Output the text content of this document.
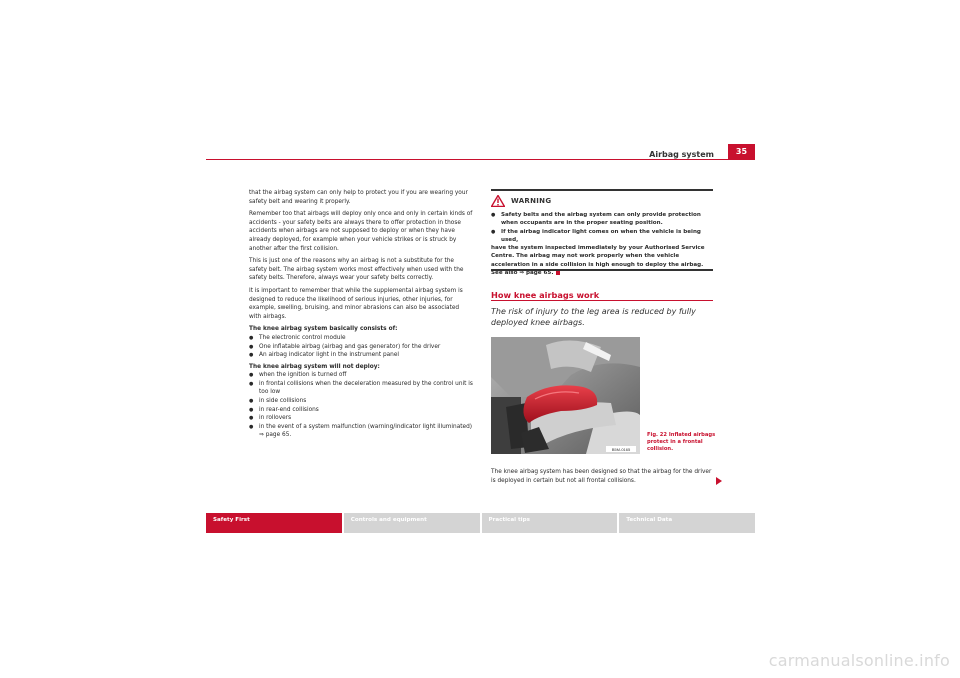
Airbag system	35

that the airbag system can only help to protect you if you are wearing your safety belt and wearing it properly.

Remember too that airbags will deploy only once and only in certain kinds of accidents - your safety belts are always there to offer protection in those accidents when airbags are not supposed to deploy or when they have already deployed, for example when your vehicle strikes or is struck by another after the first collision.

This is just one of the reasons why an airbag is not a substitute for the safety belt. The airbag system works most effectively when used with the safety belts. Therefore, always wear your safety belts correctly.

It is important to remember that while the supplemental airbag system is designed to reduce the likelihood of serious injuries, other injuries, for example, swelling, bruising, and minor abrasions can also be associated with airbags.

The knee airbag system basically consists of:

● The electronic control module
● One inflatable airbag (airbag and gas generator) for the driver
● An airbag indicator light in the instrument panel

The knee airbag system will not deploy:

● when the ignition is turned off
● in frontal collisions when the deceleration measured by the control unit is too low
● in side collisions
● in rear-end collisions
● in rollovers
● in the event of a system malfunction (warning/indicator light illuminated)
⇒ page 65.
WARNING
● Safety belts and the airbag system can only provide protection when occupants are in the proper seating position.
● If the airbag indicator light comes on when the vehicle is being used,
have the system inspected immediately by your Authorised Service Centre. The airbag may not work properly when the vehicle acceleration in a side collision is high enough to deploy the airbag. See also ⇒ page 65.
How knee airbags work
The risk of injury to the leg area is reduced by fully deployed knee airbags.
B5M-0165
Fig. 22 Inflated airbags protect in a frontal collision.
The knee airbag system has been designed so that the airbag for the driver is deployed in certain but not all frontal collisions.
Safety First	Controls and equipment	Practical tips	Technical Data
carmanualsonline.info
